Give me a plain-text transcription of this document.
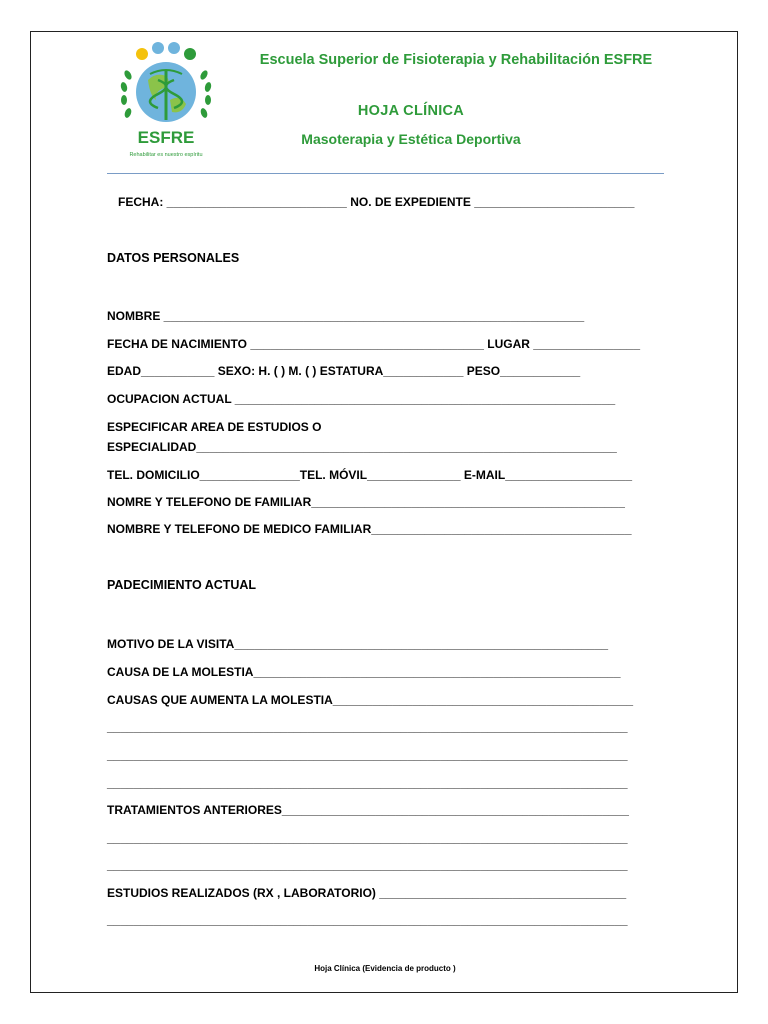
ESFRE
Rehabilitar es nuestro espíritu
Escuela Superior de Fisioterapia y Rehabilitación ESFRE
HOJA CLÍNICA
Masoterapia y Estética Deportiva
FECHA: ___________________________ NO. DE EXPEDIENTE ________________________
DATOS PERSONALES
NOMBRE _______________________________________________________________
FECHA DE NACIMIENTO ___________________________________ LUGAR ________________
EDAD___________ SEXO: H. ( ) M. ( ) ESTATURA____________ PESO____________
OCUPACION ACTUAL _________________________________________________________
ESPECIFICAR AREA DE ESTUDIOS O
ESPECIALIDAD_______________________________________________________________
TEL. DOMICILIO_______________TEL. MÓVIL______________ E-MAIL___________________
NOMRE Y TELEFONO DE FAMILIAR_______________________________________________
NOMBRE Y TELEFONO DE MEDICO FAMILIAR_______________________________________
PADECIMIENTO ACTUAL
MOTIVO DE LA VISITA________________________________________________________
CAUSA DE LA MOLESTIA_______________________________________________________
CAUSAS QUE AUMENTA LA MOLESTIA_____________________________________________
______________________________________________________________________________
______________________________________________________________________________
______________________________________________________________________________
TRATAMIENTOS ANTERIORES____________________________________________________
______________________________________________________________________________
______________________________________________________________________________
ESTUDIOS REALIZADOS (RX , LABORATORIO) _____________________________________
______________________________________________________________________________
Hoja Clínica (Evidencia de producto )
